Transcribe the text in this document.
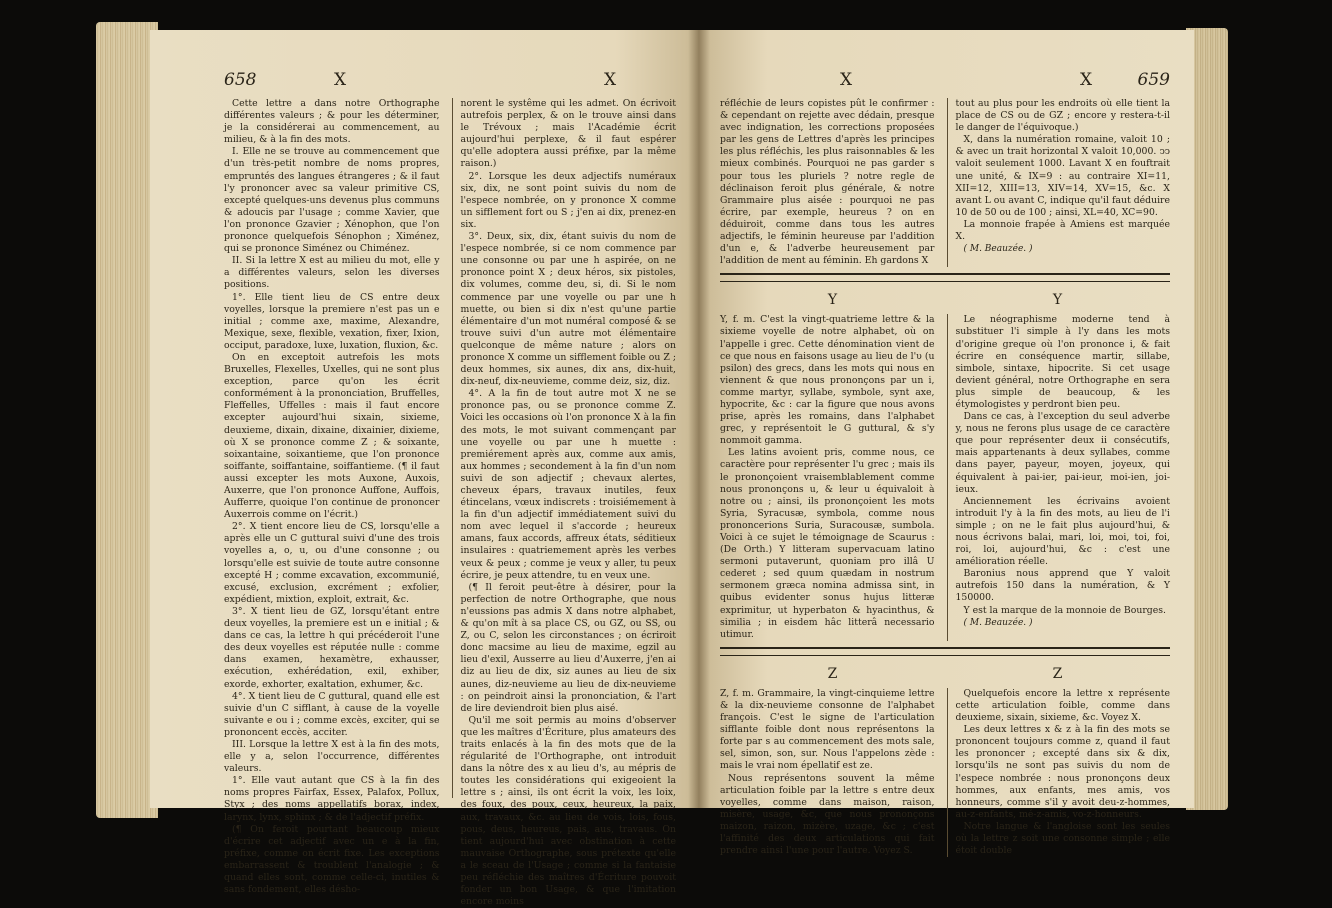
658	X	X

Cette lettre a dans notre Orthographe différentes valeurs ; & pour les déterminer, je la considérerai au commencement, au milieu, & à la fin des mots.

I. Elle ne se trouve au commencement que d'un très-petit nombre de noms propres, empruntés des langues étrangeres ; & il faut l'y prononcer avec sa valeur primitive CS, excepté quelques-uns devenus plus communs & adoucis par l'usage ; comme Xavier, que l'on prononce Gzavier ; Xénophon, que l'on prononce quelquefois Sénophon ; Ximénez, qui se prononce Siménez ou Chiménez.

II. Si la lettre X est au milieu du mot, elle y a différentes valeurs, selon les diverses positions.

1°. Elle tient lieu de CS entre deux voyelles, lorsque la premiere n'est pas un e initial ; comme axe, maxime, Alexandre, Mexique, sexe, flexible, vexation, fixer, Ixion, occiput, paradoxe, luxe, luxation, fluxion, &c.

On en exceptoit autrefois les mots Bruxelles, Flexelles, Uxelles, qui ne sont plus exception, parce qu'on les écrit conformément à la prononciation, Bruffelles, Fleffelles, Uffelles : mais il faut encore excepter aujourd'hui sixain, sixieme, deuxieme, dixain, dixaine, dixainier, dixieme, où X se prononce comme Z ; & soixante, soixantaine, soixantieme, que l'on prononce soiffante, soiffantaine, soiffantieme. (¶ il faut aussi excepter les mots Auxone, Auxois, Auxerre, que l'on prononce Auffone, Auffois, Aufferre, quoique l'on continue de prononcer Auxerrois comme on l'écrit.)

2°. X tient encore lieu de CS, lorsqu'elle a après elle un C guttural suivi d'une des trois voyelles a, o, u, ou d'une consonne ; ou lorsqu'elle est suivie de toute autre consonne excepté H ; comme excavation, excommunié, excusé, exclusion, excrément ; exfolier, expédient, mixtion, exploit, extrait, &c.

3°. X tient lieu de GZ, lorsqu'étant entre deux voyelles, la premiere est un e initial ; & dans ce cas, la lettre h qui précéderoit l'une des deux voyelles est réputée nulle : comme dans examen, hexamètre, exhausser, exécution, exhérédation, exil, exhiber, exorde, exhorter, exaltation, exhumer, &c.

4°. X tient lieu de C guttural, quand elle est suivie d'un C sifflant, à cause de la voyelle suivante e ou i ; comme excès, exciter, qui se prononcent eccès, acciter.

III. Lorsque la lettre X est à la fin des mots, elle y a, selon l'occurrence, différentes valeurs.

1°. Elle vaut autant que CS à la fin des noms propres Fairfax, Essex, Palafox, Pollux, Styx ; des noms appellatifs borax, index, larynx, lynx, sphinx ; & de l'adjectif préfix.

(¶ On feroit pourtant beaucoup mieux d'écrire cet adjectif avec un e à la fin, préfixe, comme on écrit fixe. Les exceptions embarrassent & troublent l'analogie ; & quand elles sont, comme celle-ci, inutiles & sans fondement, elles désho-

norent le systême qui les admet. On écrivoit autrefois perplex, & on le trouve ainsi dans le Trévoux ; mais l'Académie écrit aujourd'hui perplexe, & il faut espérer qu'elle adoptera aussi préfixe, par la même raison.)

2°. Lorsque les deux adjectifs numéraux six, dix, ne sont point suivis du nom de l'espece nombrée, on y prononce X comme un sifflement fort ou S ; j'en ai dix, prenez-en six.

3°. Deux, six, dix, étant suivis du nom de l'espece nombrée, si ce nom commence par une consonne ou par une h aspirée, on ne prononce point X ; deux héros, six pistoles, dix volumes, comme deu, si, di. Si le nom commence par une voyelle ou par une h muette, ou bien si dix n'est qu'une partie élémentaire d'un mot numéral composé & se trouve suivi d'un autre mot élémentaire quelconque de même nature ; alors on prononce X comme un sifflement foible ou Z ; deux hommes, six aunes, dix ans, dix-huit, dix-neuf, dix-neuvieme, comme deiz, siz, diz.

4°. A la fin de tout autre mot X ne se prononce pas, ou se prononce comme Z. Voici les occasions où l'on prononce X à la fin des mots, le mot suivant commençant par une voyelle ou par une h muette : premiérement après aux, comme aux amis, aux hommes ; secondement à la fin d'un nom suivi de son adjectif ; chevaux alertes, cheveux épars, travaux inutiles, feux étincelans, vœux indiscrets : troisiémement à la fin d'un adjectif immédiatement suivi du nom avec lequel il s'accorde ; heureux amans, faux accords, affreux états, séditieux insulaires : quatriemement après les verbes veux & peux ; comme je veux y aller, tu peux écrire, je peux attendre, tu en veux une.

(¶ Il feroit peut-être à désirer, pour la perfection de notre Orthographe, que nous n'eussions pas admis X dans notre alphabet, & qu'on mît à sa place CS, ou GZ, ou SS, ou Z, ou C, selon les circonstances ; on écriroit donc macsime au lieu de maxime, egzil au lieu d'exil, Ausserre au lieu d'Auxerre, j'en ai diz au lieu de dix, siz aunes au lieu de six aunes, diz-neuvieme au lieu de dix-neuvieme : on peindroit ainsi la prononciation, & l'art de lire deviendroit bien plus aisé.

Qu'il me soit permis au moins d'observer que les maîtres d'Écriture, plus amateurs des traits enlacés à la fin des mots que de la régularité de l'Orthographe, ont introduit dans la nôtre des x au lieu d's, au mépris de toutes les considérations qui exigeoient la lettre s ; ainsi, ils ont écrit la voix, les loix, des foux, des poux, ceux, heureux, la paix, aux, travaux, &c. au lieu de vois, lois, fous, pous, deus, heureus, pais, aus, travaus. On tient aujourd'hui avec obstination à cette mauvaise Orthographe, sous prétexte qu'elle a le sceau de l'Usage ; comme si la fantaisie peu réfléchie des maîtres d'Écriture pouvoit fonder un bon Usage, & que l'imitation encore moins

X	X	659

réfléchie de leurs copistes pût le confirmer : & cependant on rejette avec dédain, presque avec indignation, les corrections proposées par les gens de Lettres d'après les principes les plus réfléchis, les plus raisonnables & les mieux combinés. Pourquoi ne pas garder s pour tous les pluriels ? notre regle de déclinaison feroit plus générale, & notre Grammaire plus aisée : pourquoi ne pas écrire, par exemple, heureus ? on en déduiroit, comme dans tous les autres adjectifs, le féminin heureuse par l'addition d'un e, & l'adverbe heureusement par l'addition de ment au féminin. Eh gardons X

tout au plus pour les endroits où elle tient la place de CS ou de GZ ; encore y restera-t-il le danger de l'équivoque.)

X, dans la numération romaine, valoit 10 ; & avec un trait horizontal X valoit 10,000. ↄↄ valoit seulement 1000. Lavant X en fouftrait une unité, & IX=9 : au contraire XI=11, XII=12, XIII=13, XIV=14, XV=15, &c. X avant L ou avant C, indique qu'il faut déduire 10 de 50 ou de 100 ; ainsi, XL=40, XC=90.

La monnoie frapée à Amiens est marquée X.

( M. Beauzée. )

Y	Y

Y, f. m. C'est la vingt-quatrieme lettre & la sixieme voyelle de notre alphabet, où on l'appelle i grec. Cette dénomination vient de ce que nous en faisons usage au lieu de l'υ (u psilon) des grecs, dans les mots qui nous en viennent & que nous prononçons par un i, comme martyr, syllabe, symbole, synt axe, hypocrite, &c : car la figure que nous avons prise, après les romains, dans l'alphabet grec, y représentoit le G guttural, & s'y nommoit gamma.

Les latins avoient pris, comme nous, ce caractère pour représenter l'u grec ; mais ils le prononçoient vraisemblablement comme nous prononçons u, & leur u équivaloit à notre ou ; ainsi, ils prononçoient les mots Syria, Syracusæ, symbola, comme nous prononcerions Suria, Suracousæ, sumbola. Voici à ce sujet le témoignage de Scaurus : (De Orth.) Y litteram supervacuam latino sermoni putaverunt, quoniam pro illâ U cederet ; sed quum quædam in nostrum sermonem græca nomina admissa sint, in quibus evidenter sonus hujus litteræ exprimitur, ut hyperbaton & hyacinthus, & similia ; in eisdem hâc litterâ necessario utimur.

Le néographisme moderne tend à substituer l'i simple à l'y dans les mots d'origine greque où l'on prononce i, & fait écrire en conséquence martir, sillabe, simbole, sintaxe, hipocrite. Si cet usage devient général, notre Orthographe en sera plus simple de beaucoup, & les étymologistes y perdront bien peu.

Dans ce cas, à l'exception du seul adverbe y, nous ne ferons plus usage de ce caractère que pour représenter deux ii consécutifs, mais appartenants à deux syllabes, comme dans payer, payeur, moyen, joyeux, qui équivalent à pai-ier, pai-ieur, moi-ien, joi-ieux.

Anciennement les écrivains avoient introduit l'y à la fin des mots, au lieu de l'i simple ; on ne le fait plus aujourd'hui, & nous écrivons balai, mari, loi, moi, toi, foi, roi, loi, aujourd'hui, &c : c'est une amélioration réelle.

Baronius nous apprend que Y valoit autrefois 150 dans la numération, & Y 150000.

Y est la marque de la monnoie de Bourges.

( M. Beauzée. )

Z	Z

Z, f. m. Grammaire, la vingt-cinquieme lettre & la dix-neuvieme consonne de l'alphabet françois. C'est le signe de l'articulation sifflante foible dont nous représentons la forte par s au commencement des mots sale, sel, simon, son, sur. Nous l'appelons zède : mais le vrai nom épellatif est ze.

Nous représentons souvent la même articulation foible par la lettre s entre deux voyelles, comme dans maison, raison, misère, usage, &c, que nous prononçons maizon, raizon, mizère, uzage, &c ; c'est l'affinité des deux articulations qui fait prendre ainsi l'une pour l'autre. Voyez S.

Quelquefois encore la lettre x représente cette articulation foible, comme dans deuxieme, sixain, sixieme, &c. Voyez X.

Les deux lettres x & z à la fin des mots se prononcent toujours comme z, quand il faut les prononcer ; excepté dans six & dix, lorsqu'ils ne sont pas suivis du nom de l'espece nombrée : nous prononçons deux hommes, aux enfants, mes amis, vos honneurs, comme s'il y avoit deu-z-hommes, au-z-enfants, mé-z-amis, vo-z-honneurs.

Notre langue & l'angloise sont les seules où la lettre z soit une consonne simple ; elle étoit double
